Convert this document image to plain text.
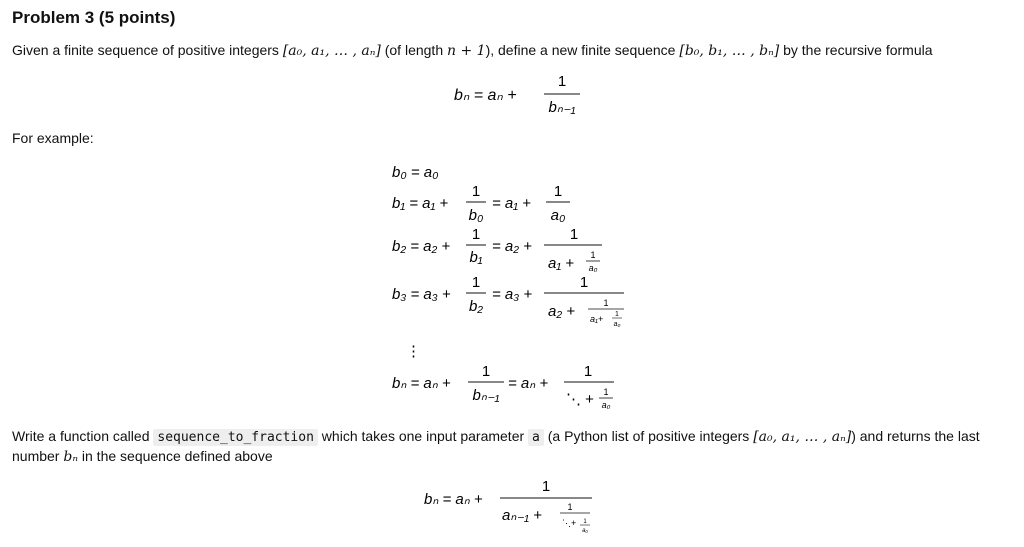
Problem 3 (5 points)
Given a finite sequence of positive integers [a₀, a₁, … , aₙ] (of length n + 1), define a new finite sequence [b₀, b₁, … , bₙ] by the recursive formula
bₙ = aₙ +
1
bₙ₋₁
For example:
b₀ = a₀
b₁ = a₁ +
1
b₀
= a₁ +
1
a₀
b₂ = a₂ +
1
b₁
= a₂ +
1
a₁ + 1
a₀
b₃ = a₃ +
1
b₂
= a₃ +
1
a₂ +	1
a₁+ 1
a₀
⋮
bₙ = aₙ +
1
bₙ₋₁
= aₙ +
1
⋱ + 1
a₀
Write a function called sequence_to_fraction which takes one input parameter a (a Python list of positive integers [a₀, a₁, … , aₙ]) and returns the last
number bₙ in the sequence defined above
bₙ = aₙ +
1
aₙ₋₁ +	1
⋱+ 1
a₀
